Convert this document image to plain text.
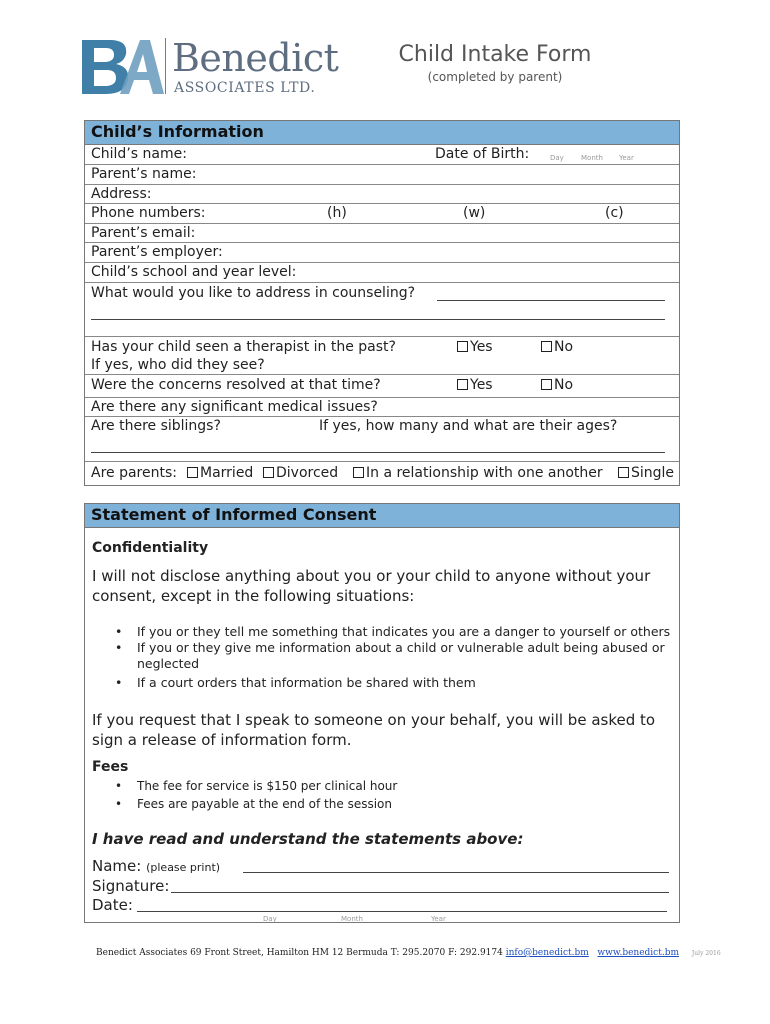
Benedict
ASSOCIATES LTD.
Child Intake Form
(completed by parent)
Child’s Information
Child’s name:	Date of Birth:	Day Month Year
Parent’s name:
Address:
Phone numbers:	(h)	(w)	(c)
Parent’s email:
Parent’s employer:
Child’s school and year level:
What would you like to address in counseling?
Has your child seen a therapist in the past?	Yes	No
If yes, who did they see?
Were the concerns resolved at that time?	Yes	No
Are there any significant medical issues?
Are there siblings?	If yes, how many and what are their ages?
Are parents:	Married	Divorced	In a relationship with one another	Single
Statement of Informed Consent
Confidentiality
I will not disclose anything about you or your child to anyone without your consent, except in the following situations:
• If you or they tell me something that indicates you are a danger to yourself or others
• If you or they give me information about a child or vulnerable adult being abused or neglected
• If a court orders that information be shared with them
If you request that I speak to someone on your behalf, you will be asked to sign a release of information form.
Fees
• The fee for service is $150 per clinical hour
• Fees are payable at the end of the session
I have read and understand the statements above:
Name: (please print)
Signature:
Date:
Day	Month	Year
Benedict Associates 69 Front Street, Hamilton HM 12 Bermuda T: 295.2070 F: 292.9174 info@benedict.bm www.benedict.bm July 2016
